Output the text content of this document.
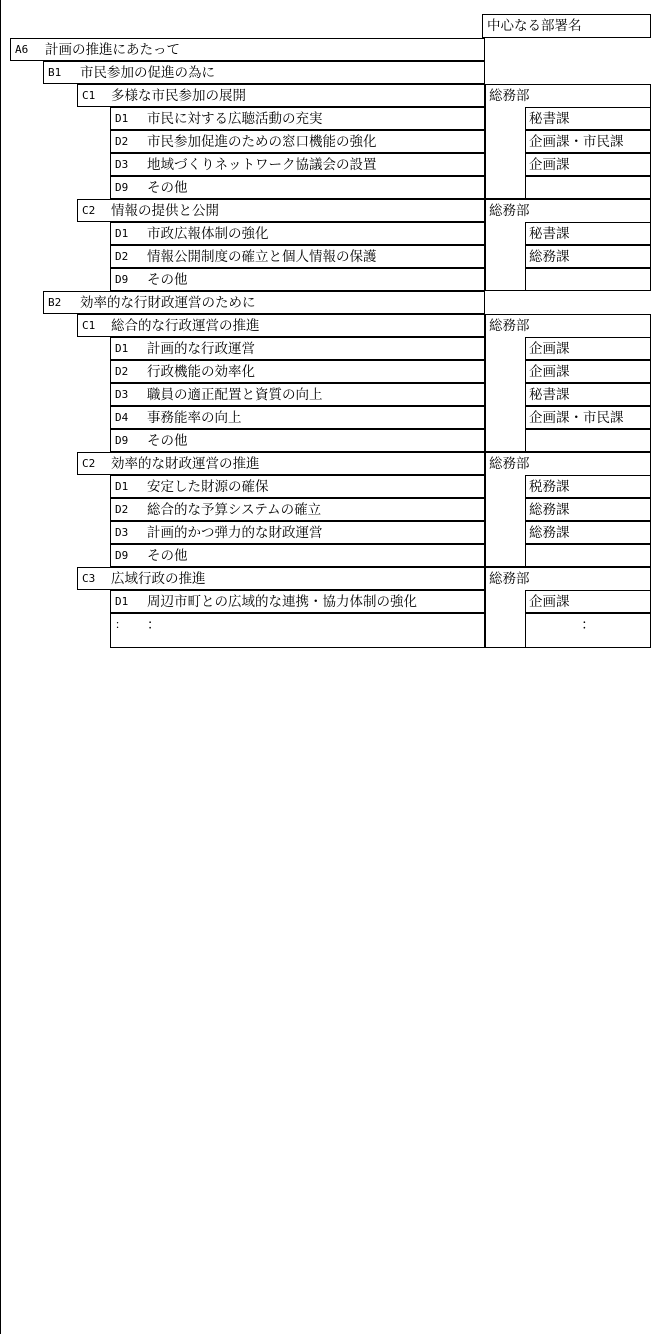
中心なる部署名
A6 計画の推進にあたって
B1 市民参加の促進の為に
C1 多様な市民参加の展開	総務部
D1 市民に対する広聴活動の充実	秘書課
D2 市民参加促進のための窓口機能の強化	企画課・市民課
D3 地域づくりネットワーク協議会の設置	企画課
D9 その他
C2 情報の提供と公開	総務部
D1 市政広報体制の強化	秘書課
D2 情報公開制度の確立と個人情報の保護	総務課
D9 その他
B2 効率的な行財政運営のために
C1 総合的な行政運営の推進	総務部
D1 計画的な行政運営	企画課
D2 行政機能の効率化	企画課
D3 職員の適正配置と資質の向上	秘書課
D4 事務能率の向上	企画課・市民課
D9 その他
C2 効率的な財政運営の推進	総務部
D1 安定した財源の確保	税務課
D2 総合的な予算システムの確立	総務課
D3 計画的かつ弾力的な財政運営	総務課
D9 その他
C3 広域行政の推進	総務部
D1 周辺市町との広域的な連携・協力体制の強化	企画課
： ：	：
